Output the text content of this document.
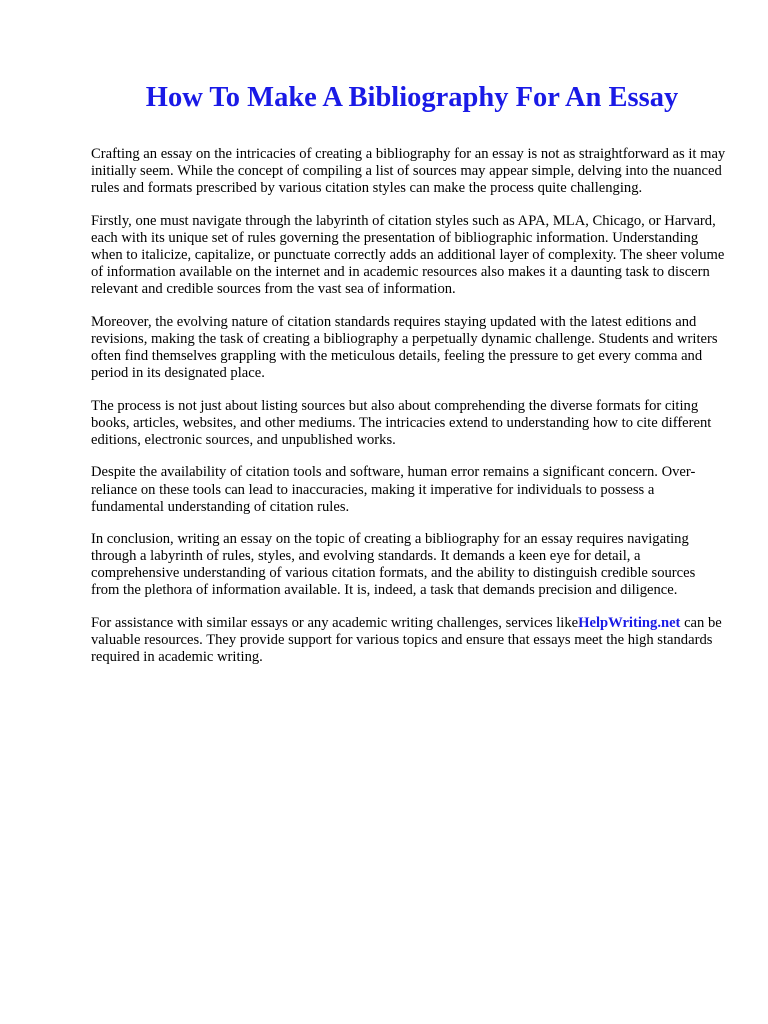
How To Make A Bibliography For An Essay

Crafting an essay on the intricacies of creating a bibliography for an essay is not as straightforward as it may initially seem. While the concept of compiling a list of sources may appear simple, delving into the nuanced rules and formats prescribed by various citation styles can make the process quite challenging.

Firstly, one must navigate through the labyrinth of citation styles such as APA, MLA, Chicago, or Harvard, each with its unique set of rules governing the presentation of bibliographic information. Understanding when to italicize, capitalize, or punctuate correctly adds an additional layer of complexity. The sheer volume of information available on the internet and in academic resources also makes it a daunting task to discern relevant and credible sources from the vast sea of information.

Moreover, the evolving nature of citation standards requires staying updated with the latest editions and revisions, making the task of creating a bibliography a perpetually dynamic challenge. Students and writers often find themselves grappling with the meticulous details, feeling the pressure to get every comma and period in its designated place.

The process is not just about listing sources but also about comprehending the diverse formats for citing books, articles, websites, and other mediums. The intricacies extend to understanding how to cite different editions, electronic sources, and unpublished works.

Despite the availability of citation tools and software, human error remains a significant concern. Over-reliance on these tools can lead to inaccuracies, making it imperative for individuals to possess a fundamental understanding of citation rules.

In conclusion, writing an essay on the topic of creating a bibliography for an essay requires navigating through a labyrinth of rules, styles, and evolving standards. It demands a keen eye for detail, a comprehensive understanding of various citation formats, and the ability to distinguish credible sources from the plethora of information available. It is, indeed, a task that demands precision and diligence.

For assistance with similar essays or any academic writing challenges, services likeHelpWriting.net can be valuable resources. They provide support for various topics and ensure that essays meet the high standards required in academic writing.
